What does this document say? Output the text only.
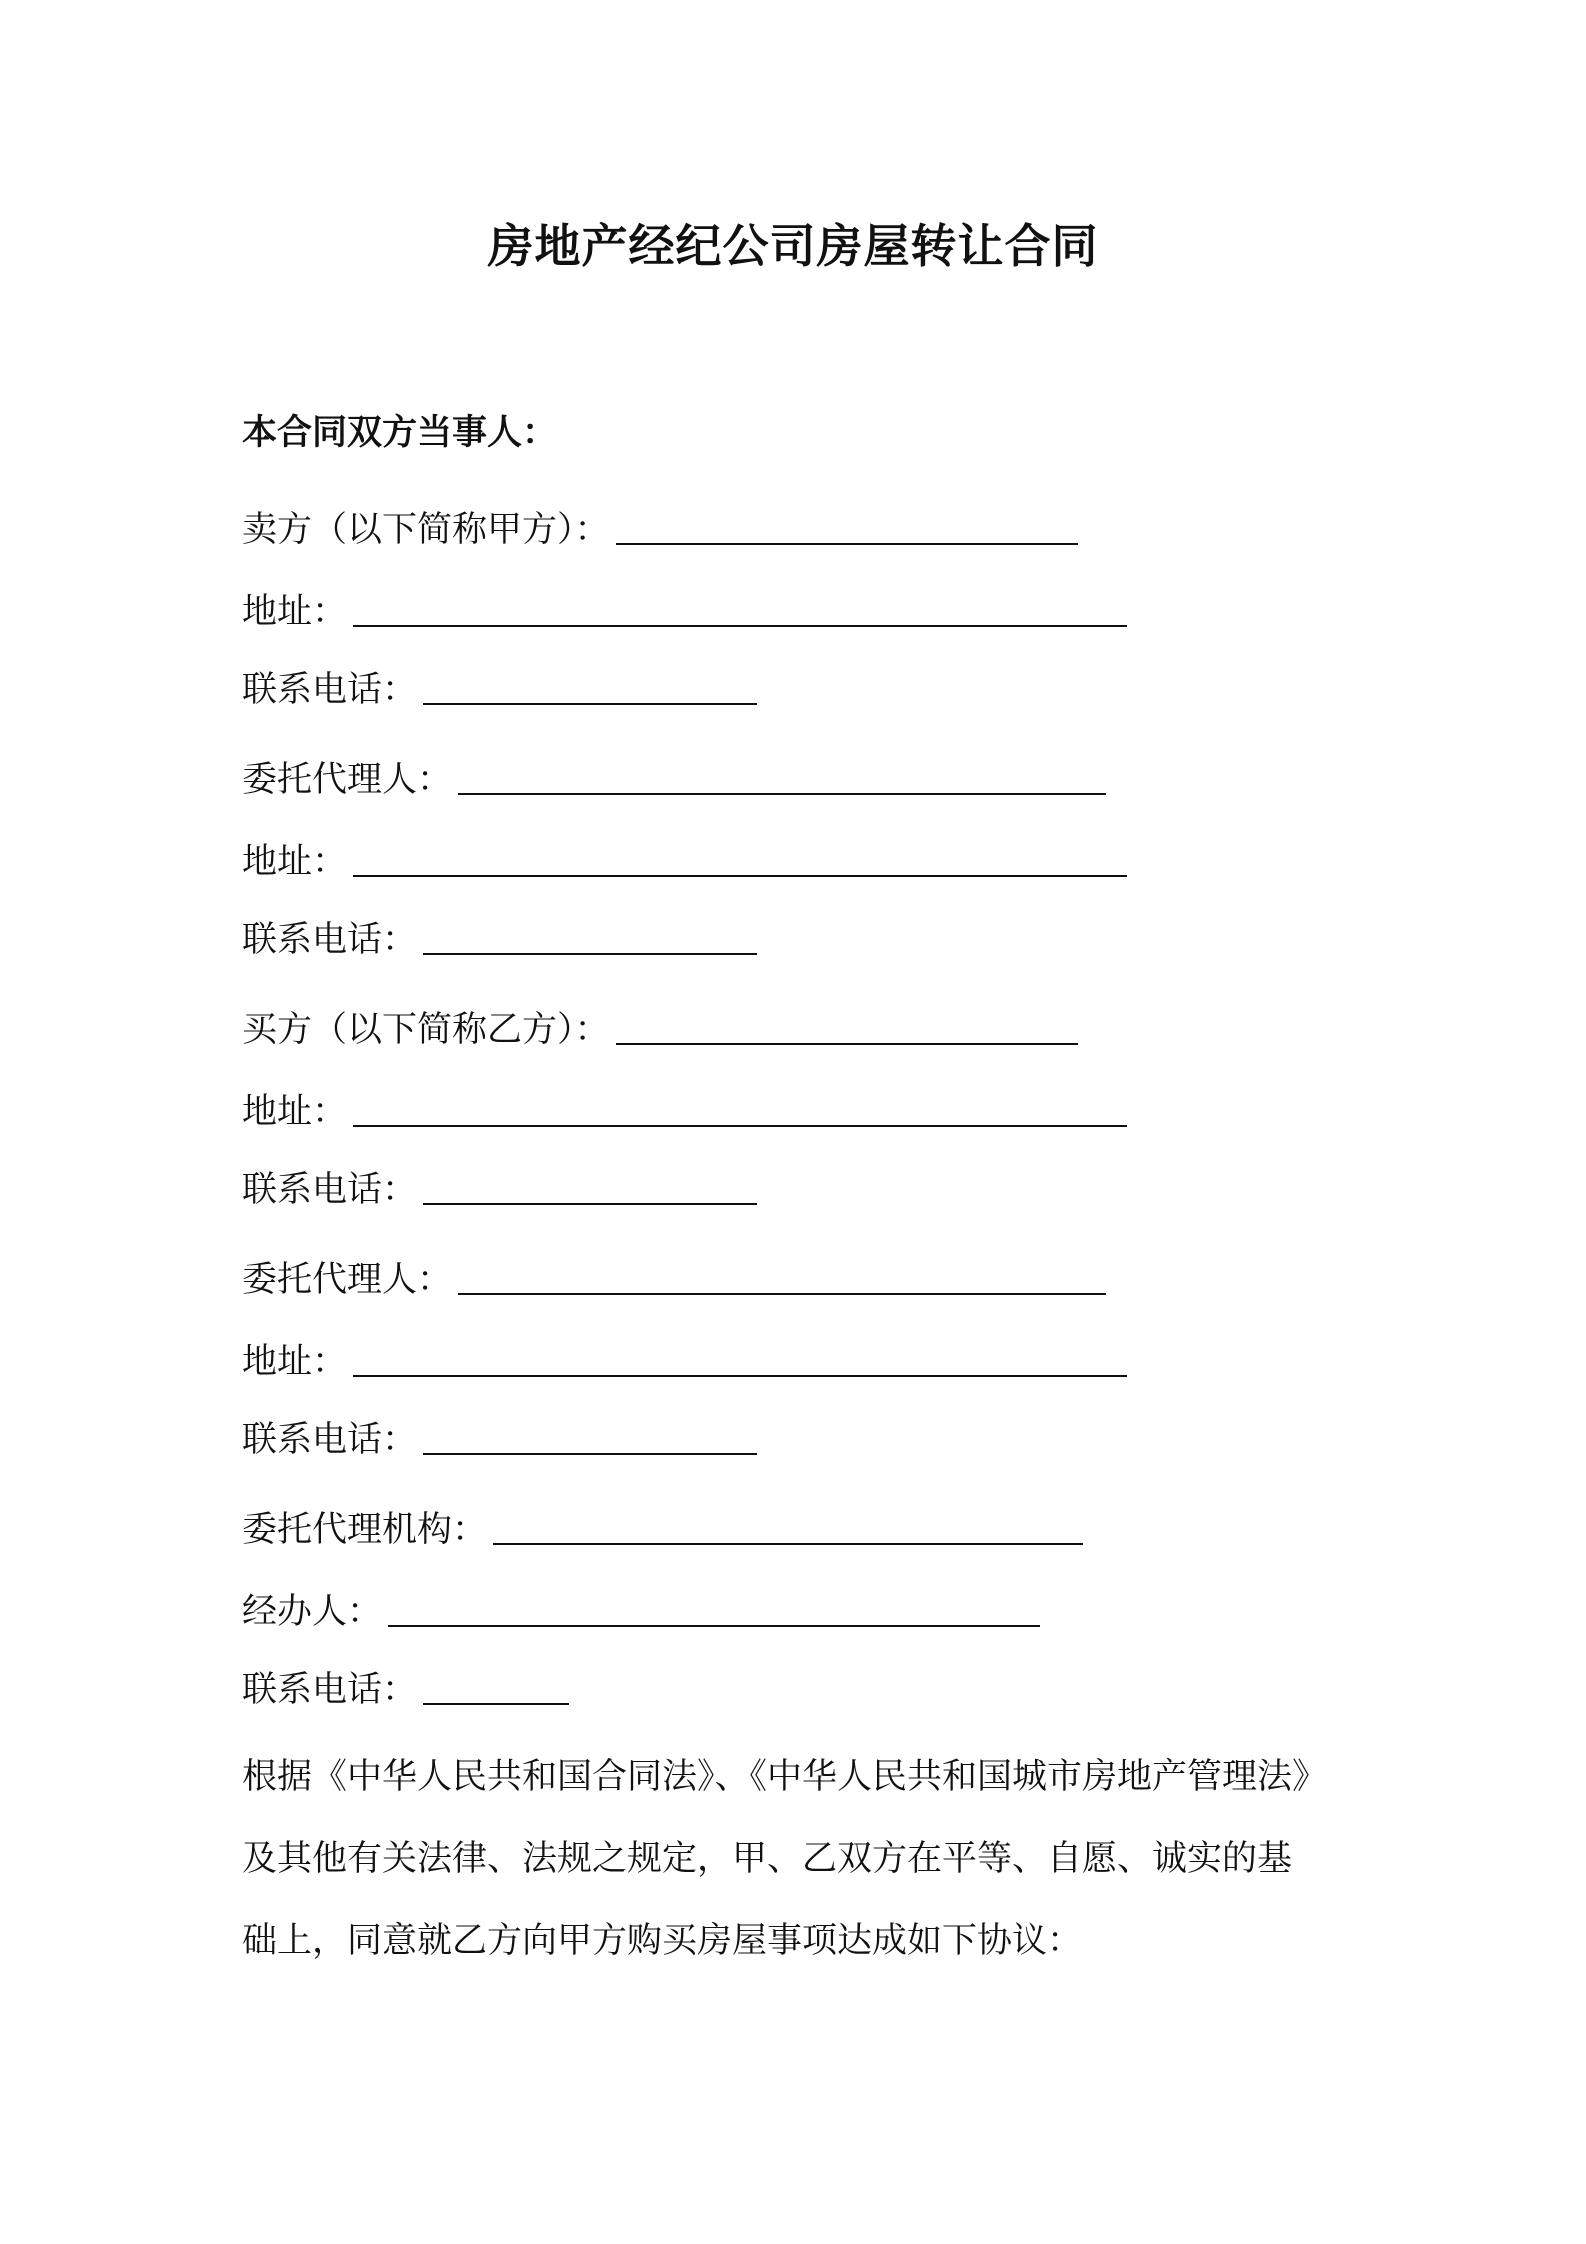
房地产经纪公司房屋转让合同
本合同双方当事人：
卖方（以下简称甲方）：
地址：
联系电话：
委托代理人：
地址：
联系电话：
买方（以下简称乙方）：
地址：
联系电话：
委托代理人：
地址：
联系电话：
委托代理机构：
经办人：
联系电话：
根据《中华人民共和国合同法》、《中华人民共和国城市房地产管理法》
及其他有关法律、法规之规定，甲、乙双方在平等、自愿、诚实的基
础上，同意就乙方向甲方购买房屋事项达成如下协议：
